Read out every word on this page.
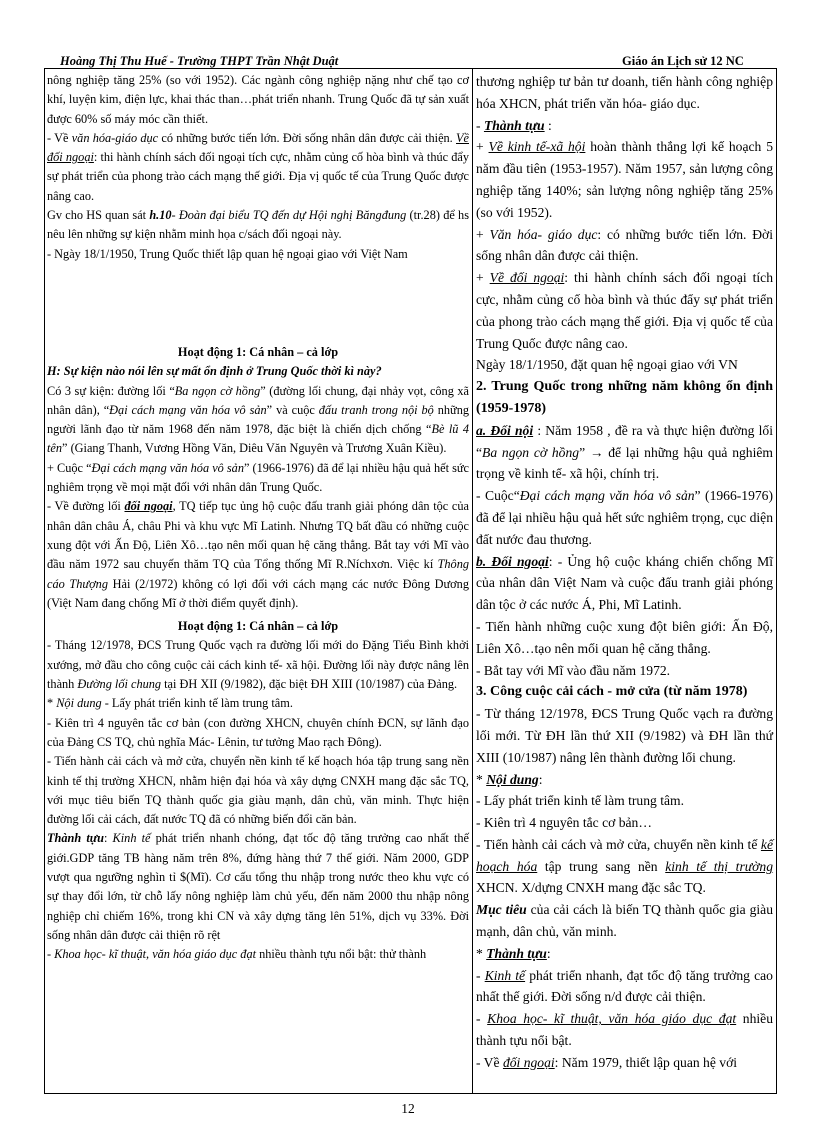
Hoàng Thị Thu Huế - Trường THPT Trần Nhật Duật	Giáo án Lịch sử 12 NC

nông nghiệp tăng 25% (so với 1952). Các ngành công nghiệp nặng như chế tạo cơ khí, luyện kim, điện lực, khai thác than…phát triển nhanh. Trung Quốc đã tự sản xuất được 60% số máy móc cần thiết.

- Về văn hóa-giáo dục có những bước tiến lớn. Đời sống nhân dân được cải thiện. Về đối ngoại: thi hành chính sách đối ngoại tích cực, nhằm củng cố hòa bình và thúc đẩy sự phát triển của phong trào cách mạng thế giới. Địa vị quốc tế của Trung Quốc được nâng cao.

Gv cho HS quan sát h.10- Đoàn đại biểu TQ đến dự Hội nghị Băngđung (tr.28) để hs nêu lên những sự kiện nhằm minh họa c/sách đối ngoại này.

- Ngày 18/1/1950, Trung Quốc thiết lập quan hệ ngoại giao với Việt Nam

Hoạt động 1: Cá nhân – cả lớp

H: Sự kiện nào nói lên sự mất ổn định ở Trung Quốc thời kì này?

Có 3 sự kiện: đường lối “Ba ngọn cờ hồng” (đường lối chung, đại nhảy vọt, công xã nhân dân), “Đại cách mạng văn hóa vô sản” và cuộc đấu tranh trong nội bộ những người lãnh đạo từ năm 1968 đến năm 1978, đặc biệt là chiến dịch chống “Bè lũ 4 tên” (Giang Thanh, Vương Hồng Văn, Diêu Văn Nguyên và Trương Xuân Kiều).

+ Cuộc “Đại cách mạng văn hóa vô sản” (1966-1976) đã để lại nhiều hậu quả hết sức nghiêm trọng về mọi mặt đối với nhân dân Trung Quốc.

- Về đường lối đối ngoại, TQ tiếp tục ủng hộ cuộc đấu tranh giải phóng dân tộc của nhân dân châu Á, châu Phi và khu vực Mĩ Latinh. Nhưng TQ bất đầu có những cuộc xung đột với Ấn Độ, Liên Xô…tạo nên mối quan hệ căng thẳng. Bắt tay với Mĩ vào đầu năm 1972 sau chuyến thăm TQ của Tổng thống Mĩ R.Níchxơn. Việc kí Thông cáo Thượng Hải (2/1972) không có lợi đối với cách mạng các nước Đông Dương (Việt Nam đang chống Mĩ ở thời điểm quyết định).

Hoạt động 1: Cá nhân – cả lớp

- Tháng 12/1978, ĐCS Trung Quốc vạch ra đường lối mới do Đặng Tiểu Bình khởi xướng, mở đầu cho công cuộc cải cách kinh tế- xã hội. Đường lối này được nâng lên thành Đường lối chung tại ĐH XII (9/1982), đặc biệt ĐH XIII (10/1987) của Đảng.

* Nội dung - Lấy phát triển kinh tế làm trung tâm.

- Kiên trì 4 nguyên tắc cơ bản (con đường XHCN, chuyên chính ĐCN, sự lãnh đạo của Đảng CS TQ, chủ nghĩa Mác- Lênin, tư tưởng Mao rạch Đông).

- Tiến hành cải cách và mở cửa, chuyển nền kinh tế kế hoạch hóa tập trung sang nền kinh tế thị trường XHCN, nhằm hiện đại hóa và xây dựng CNXH mang đặc sắc TQ, với mục tiêu biến TQ thành quốc gia giàu mạnh, dân chủ, văn minh. Thực hiện đường lối cải cách, đất nước TQ đã có những biến đổi căn bản.

Thành tựu: Kinh tế phát triển nhanh chóng, đạt tốc độ tăng trưởng cao nhất thế giới.GDP tăng TB hàng năm trên 8%, đứng hàng thứ 7 thế giới. Năm 2000, GDP vượt qua ngưỡng nghìn tỉ $(Mĩ). Cơ cấu tổng thu nhập trong nước theo khu vực có sự thay đổi lớn, từ chỗ lấy nông nghiệp làm chủ yếu, đến năm 2000 thu nhập nông nghiệp chỉ chiếm 16%, trong khi CN và xây dựng tăng lên 51%, dịch vụ 33%. Đời sống nhân dân được cải thiện rõ rệt

- Khoa học- kĩ thuật, văn hóa giáo dục đạt nhiều thành tựu nổi bật: thử thành

thương nghiệp tư bản tư doanh, tiến hành công nghiệp hóa XHCN, phát triển văn hóa- giáo dục.

- Thành tựu :

+ Về kinh tế-xã hội hoàn thành thắng lợi kế hoạch 5 năm đầu tiên (1953-1957). Năm 1957, sản lượng công nghiệp tăng 140%; sản lượng nông nghiệp tăng 25% (so với 1952).

+ Văn hóa- giáo dục: có những bước tiến lớn. Đời sống nhân dân được cải thiện.

+ Về đối ngoại: thi hành chính sách đối ngoại tích cực, nhằm củng cố hòa bình và thúc đẩy sự phát triển của phong trào cách mạng thế giới. Địa vị quốc tế của Trung Quốc được nâng cao.

Ngày 18/1/1950, đặt quan hệ ngoại giao với VN

2. Trung Quốc trong những năm không ổn định (1959-1978)

a. Đối nội : Năm 1958 , đề ra và thực hiện đường lối “Ba ngọn cờ hồng” → để lại những hậu quả nghiêm trọng về kinh tế- xã hội, chính trị.

- Cuộc“Đại cách mạng văn hóa vô sản” (1966-1976) đã để lại nhiều hậu quả hết sức nghiêm trọng, cục diện đất nước đau thương.

b. Đối ngoại: - Ủng hộ cuộc kháng chiến chống Mĩ của nhân dân Việt Nam và cuộc đấu tranh giải phóng dân tộc ở các nước Á, Phi, Mĩ Latinh.

- Tiến hành những cuộc xung đột biên giới: Ấn Độ, Liên Xô…tạo nên mối quan hệ căng thẳng.

- Bắt tay với Mĩ vào đầu năm 1972.

3. Công cuộc cải cách - mở cửa (từ năm 1978)

- Từ tháng 12/1978, ĐCS Trung Quốc vạch ra đường lối mới. Từ ĐH lần thứ XII (9/1982) và ĐH lần thứ XIII (10/1987) nâng lên thành đường lối chung.

* Nội dung:

- Lấy phát triển kinh tế làm trung tâm.

- Kiên trì 4 nguyên tắc cơ bản…

- Tiến hành cải cách và mở cửa, chuyển nền kinh tế kế hoạch hóa tập trung sang nền kinh tế thị trường XHCN. X/dựng CNXH mang đặc sắc TQ.

Mục tiêu của cải cách là biến TQ thành quốc gia giàu mạnh, dân chủ, văn minh.

* Thành tựu:

- Kinh tế phát triển nhanh, đạt tốc độ tăng trưởng cao nhất thế giới. Đời sống n/d được cải thiện.

- Khoa học- kĩ thuật, văn hóa giáo dục đạt nhiều thành tựu nổi bật.

- Về đối ngoại: Năm 1979, thiết lập quan hệ với

12
